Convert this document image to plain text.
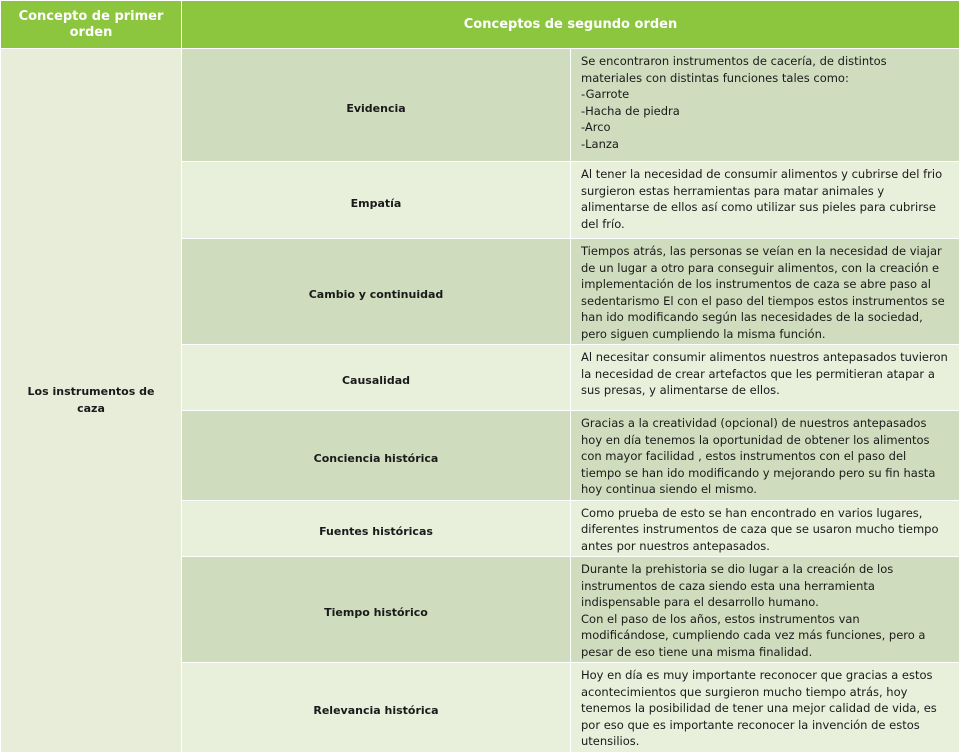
Concepto de primer orden	Conceptos de segundo orden	
Los instrumentos de caza	Evidencia	Se encontraron instrumentos de cacería, de distintos materiales con distintas funciones tales como:
-Garrote
-Hacha de piedra
-Arco
-Lanza
	Empatía	Al tener la necesidad de consumir alimentos y cubrirse del frio surgieron estas herramientas para matar animales y alimentarse de ellos así como utilizar sus pieles para cubrirse del frío.
	Cambio y continuidad	Tiempos atrás, las personas se veían en la necesidad de viajar de un lugar a otro para conseguir alimentos, con la creación e implementación de los instrumentos de caza se abre paso al sedentarismo El con el paso del tiempos estos instrumentos se han ido modificando según las necesidades de la sociedad, pero siguen cumpliendo la misma función.
	Causalidad	Al necesitar consumir alimentos nuestros antepasados tuvieron la necesidad de crear artefactos que les permitieran atapar a sus presas, y alimentarse de ellos.
	Conciencia histórica	Gracias a la creatividad (opcional) de nuestros antepasados hoy en día tenemos la oportunidad de obtener los alimentos con mayor facilidad , estos instrumentos con el paso del tiempo se han ido modificando y mejorando pero su fin hasta hoy continua siendo el mismo.
	Fuentes históricas	Como prueba de esto se han encontrado en varios lugares, diferentes instrumentos de caza que se usaron mucho tiempo antes por nuestros antepasados.
	Tiempo histórico	Durante la prehistoria se dio lugar a la creación de los instrumentos de caza siendo esta una herramienta indispensable para el desarrollo humano.
Con el paso de los años, estos instrumentos van modificándose, cumpliendo cada vez más funciones, pero a pesar de eso tiene una misma finalidad.
	Relevancia histórica	Hoy en día es muy importante reconocer que gracias a estos acontecimientos que surgieron mucho tiempo atrás, hoy tenemos la posibilidad de tener una mejor calidad de vida, es por eso que es importante reconocer la invención de estos utensilios.
